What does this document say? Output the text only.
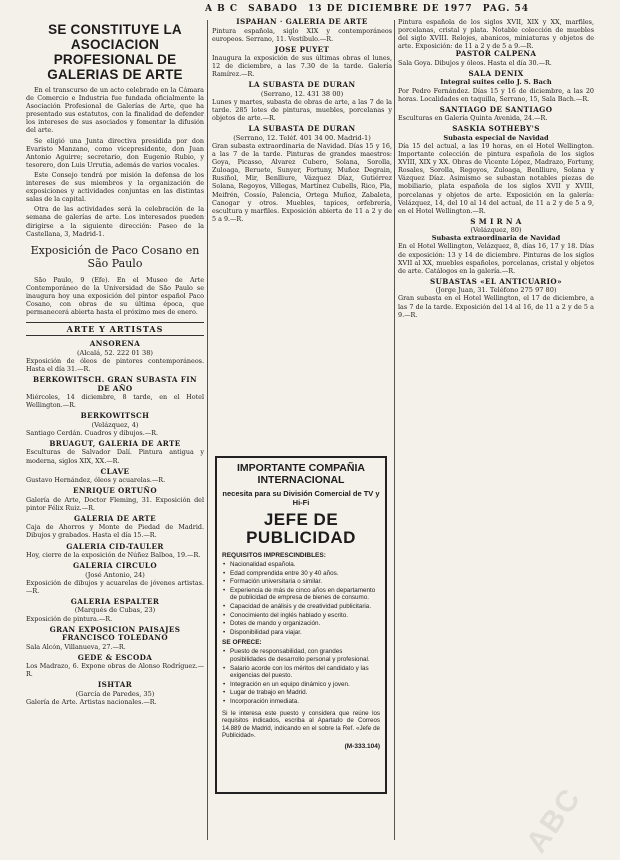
A B C SABADO 13 DE DICIEMBRE DE 1977 PAG. 54
SE CONSTITUYE LA ASOCIACION PROFESIONAL DE GALERIAS DE ARTE

En el transcurso de un acto celebrado en la Cámara de Comercio e Industria fue fundada oficialmente la Asociación Profesional de Galerías de Arte, que ha presentado sus estatutos, con la finalidad de defender los intereses de sus asociados y fomentar la difusión del arte.

Se eligió una Junta directiva presidida por don Evaristo Manzano, como vicepresidente, don Juan Antonio Aguirre; secretario, don Eugenio Rubio, y tesorero, don Luis Urrutia, además de varios vocales.

Este Consejo tendrá por misión la defensa de los intereses de sus miembros y la organización de exposiciones y actividades conjuntas en las distintas salas de la capital.

Otra de las actividades será la celebración de la semana de galerías de arte. Los interesados pueden dirigirse a la siguiente dirección: Paseo de la Castellana, 3, Madrid-1.

Exposición de Paco Cosano en São Paulo

São Paulo, 9 (Efe). En el Museo de Arte Contemporáneo de la Universidad de São Paulo se inaugura hoy una exposición del pintor español Paco Cosano, con obras de su última época, que permanecerá abierta hasta el próximo mes de enero.

ARTE Y ARTISTAS
ANSORENA
(Alcalá, 52. 222 01 38)
Exposición de óleos de pintores contemporáneos. Hasta el día 31.—R.
BERKOWITSCH. GRAN SUBASTA FIN DE AÑO
Miércoles, 14 diciembre, 8 tarde, en el Hotel Wellington.—R.
BERKOWITSCH
(Velázquez, 4)
Santiago Cerdán. Cuadros y dibujos.—R.
BRUAGUT, GALERIA DE ARTE
Esculturas de Salvador Dalí. Pintura antigua y moderna, siglos XIX, XX.—R.
CLAVE
Gustavo Hernández, óleos y acuarelas.—R.
ENRIQUE ORTUÑO
Galería de Arte, Doctor Fleming, 31. Exposición del pintor Félix Ruiz.—R.
GALERIA DE ARTE
Caja de Ahorros y Monte de Piedad de Madrid. Dibujos y grabados. Hasta el día 15.—R.
GALERIA CID-TAULER
Hoy, cierre de la exposición de Núñez Balboa, 19.—R.
GALERIA CIRCULO
(José Antonio, 24)
Exposición de dibujos y acuarelas de jóvenes artistas.—R.
GALERIA ESPALTER
(Marqués de Cubas, 23)
Exposición de pintura.—R.
GRAN EXPOSICION PAISAJES FRANCISCO TOLEDANO
Sala Alcón, Villanueva, 27.—R.
GEDE & ESCODA
Los Madrazo, 6. Expone obras de Alonso Rodríguez.—R.
ISHTAR
(García de Paredes, 35)
Galería de Arte. Artistas nacionales.—R.
ISPAHAN · GALERIA DE ARTE
Pintura española, siglo XIX y contemporáneos europeos. Serrano, 11. Vestíbulo.—R.
JOSE PUYET
Inaugura la exposición de sus últimas obras el lunes, 12 de diciembre, a las 7.30 de la tarde. Galería Ramírez.—R.
LA SUBASTA DE DURAN
(Serrano, 12. 431 38 00)
Lunes y martes, subasta de obras de arte, a las 7 de la tarde. 285 lotes de pinturas, muebles, porcelanas y objetos de arte.—R.
LA SUBASTA DE DURAN
(Serrano, 12. Teléf. 401 34 00. Madrid-1)
Gran subasta extraordinaria de Navidad. Días 15 y 16, a las 7 de la tarde. Pinturas de grandes maestros: Goya, Picasso, Alvarez Cubero, Solana, Sorolla, Zuloaga, Beruete, Sunyer, Fortuny, Muñoz Degrain, Rusiñol, Mir, Benlliure, Vázquez Díaz, Gutiérrez Solana, Regoyos, Villegas, Martínez Cubells, Rico, Pla, Meifrén, Cossío, Palencia, Ortega Muñoz, Zabaleta, Canogar y otros. Muebles, tapices, orfebrería, escultura y marfiles. Exposición abierta de 11 a 2 y de 5 a 9.—R.
IMPORTANTE COMPAÑIA INTERNACIONAL
necesita para su División Comercial de TV y Hi-Fi
JEFE DE PUBLICIDAD
REQUISITOS IMPRESCINDIBLES:
• Nacionalidad española.
• Edad comprendida entre 30 y 40 años.
• Formación universitaria o similar.
• Experiencia de más de cinco años en departamento de publicidad de empresa de bienes de consumo.
• Capacidad de análisis y de creatividad publicitaria.
• Conocimiento del inglés hablado y escrito.
• Dotes de mando y organización.
• Disponibilidad para viajar.
SE OFRECE:
• Puesto de responsabilidad, con grandes posibilidades de desarrollo personal y profesional.
• Salario acorde con los méritos del candidato y las exigencias del puesto.
• Integración en un equipo dinámico y joven.
• Lugar de trabajo en Madrid.
• Incorporación inmediata.
Si le interesa este puesto y considera que reúne los requisitos indicados, escriba al Apartado de Correos 14.889 de Madrid, indicando en el sobre la Ref. «Jefe de Publicidad».
(M-333.104)
Pintura española de los siglos XVII, XIX y XX, marfiles, porcelanas, cristal y plata. Notable colección de muebles del siglo XVIII. Relojes, abanicos, miniaturas y objetos de arte. Exposición: de 11 a 2 y de 5 a 9.—R.
PASTOR CALPENA
Sala Goya. Dibujos y óleos. Hasta el día 30.—R.
SALA DENIX
Integral suites cello J. S. Bach
Por Pedro Fernández. Días 15 y 16 de diciembre, a las 20 horas. Localidades en taquilla, Serrano, 15, Sala Bach.—R.
SANTIAGO DE SANTIAGO
Esculturas en Galería Quinta Avenida, 24.—R.
SASKIA SOTHEBY'S
Subasta especial de Navidad
Día 15 del actual, a las 19 horas, en el Hotel Wellington. Importante colección de pintura española de los siglos XVIII, XIX y XX. Obras de Vicente López, Madrazo, Fortuny, Rosales, Sorolla, Regoyos, Zuloaga, Benlliure, Solana y Vázquez Díaz. Asimismo se subastan notables piezas de mobiliario, plata española de los siglos XVII y XVIII, porcelanas y objetos de arte. Exposición en la galería: Velázquez, 14, del 10 al 14 del actual, de 11 a 2 y de 5 a 9, en el Hotel Wellington.—R.
S M I R N A
(Velázquez, 80)
Subasta extraordinaria de Navidad
En el Hotel Wellington, Velázquez, 8, días 16, 17 y 18. Días de exposición: 13 y 14 de diciembre. Pinturas de los siglos XVII al XX, muebles españoles, porcelanas, cristal y objetos de arte. Catálogos en la galería.—R.
SUBASTAS «EL ANTICUARIO»
(Jorge Juan, 31. Teléfono 275 97 80)
Gran subasta en el Hotel Wellington, el 17 de diciembre, a las 7 de la tarde. Exposición del 14 al 16, de 11 a 2 y de 5 a 9.—R.
ABC
